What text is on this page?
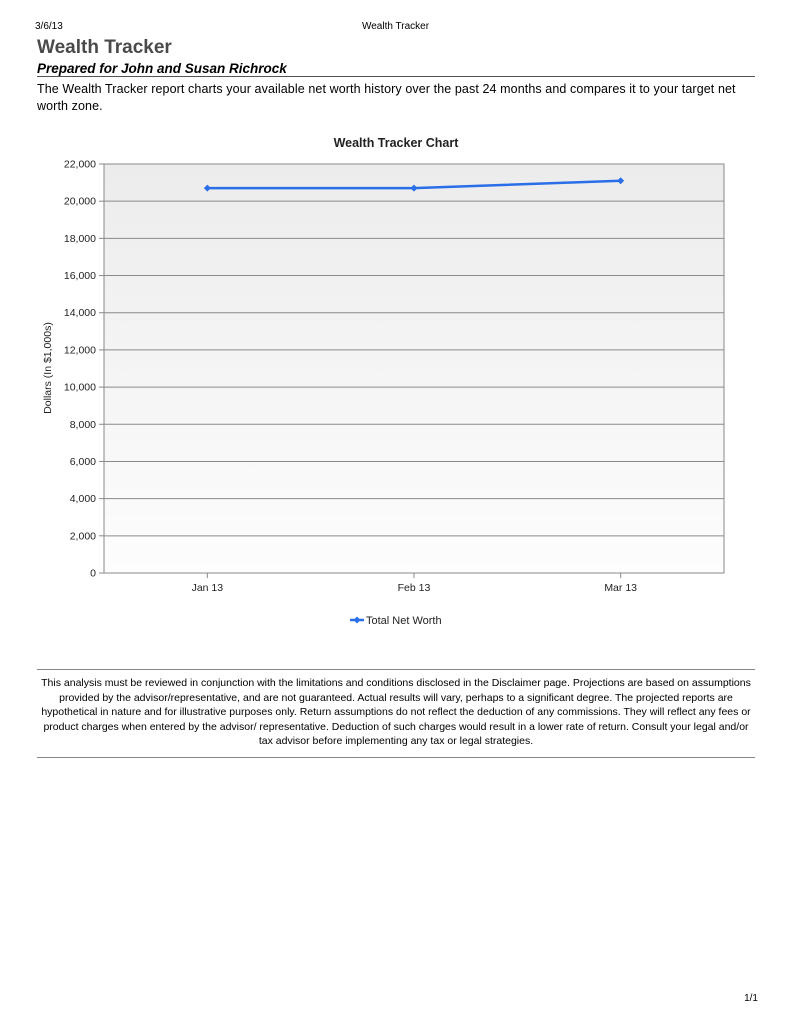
3/6/13	Wealth Tracker
Wealth Tracker
Prepared for John and Susan Richrock
The Wealth Tracker report charts your available net worth history over the past 24 months and compares it to your target net worth zone.
Wealth Tracker Chart
0
2,000
4,000
6,000
8,000
10,000
12,000
14,000
16,000
18,000
20,000
22,000
Jan 13	Feb 13	Mar 13
Dollars (In $1,000s)
Total Net Worth
This analysis must be reviewed in conjunction with the limitations and conditions disclosed in the Disclaimer page. Projections are based on assumptions provided by the advisor/representative, and are not guaranteed. Actual results will vary, perhaps to a significant degree. The projected reports are hypothetical in nature and for illustrative purposes only. Return assumptions do not reflect the deduction of any commissions. They will reflect any fees or product charges when entered by the advisor/ representative. Deduction of such charges would result in a lower rate of return. Consult your legal and/or tax advisor before implementing any tax or legal strategies.
1/1
